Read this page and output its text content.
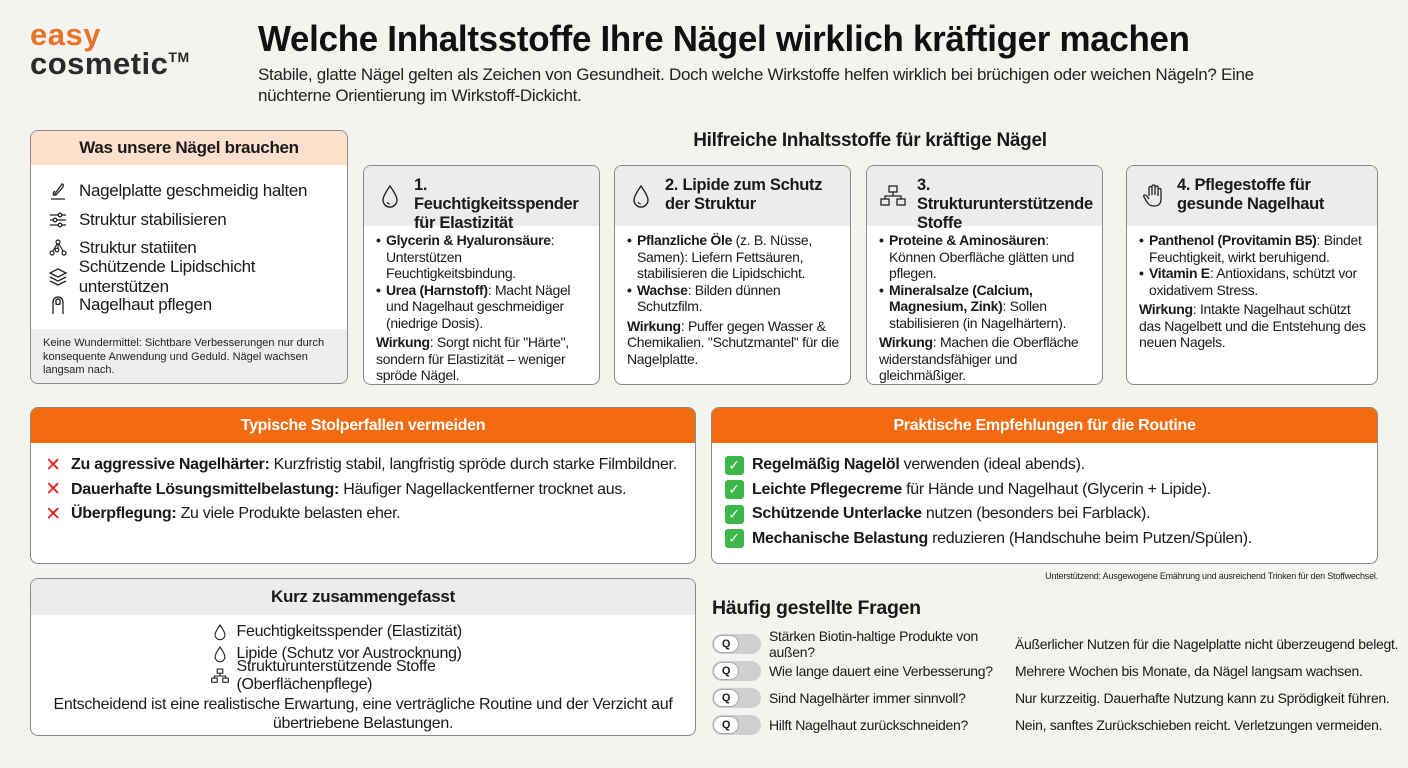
easy
cosmetic™ Welche Inhaltsstoffe Ihre Nägel wirklich kräftiger machen

Stabile, glatte Nägel gelten als Zeichen von Gesundheit. Doch welche Wirkstoffe helfen wirklich bei brüchigen oder weichen Nägeln? Eine nüchterne Orientierung im Wirkstoff-Dickicht.

Was unsere Nägel brauchen
Nagelplatte geschmeidig halten
Struktur stabilisieren
Struktur statiiten
Schützende Lipidschicht unterstützen
Nagelhaut pflegen
Keine Wundermittel: Sichtbare Verbesserungen nur durch konsequente Anwendung und Geduld. Nägel wachsen langsam nach.
Hilfreiche Inhaltsstoffe für kräftige Nägel
1. Feuchtigkeitsspender für Elastizität
• Glycerin & Hyaluronsäure: Unterstützen Feuchtigkeitsbindung.
• Urea (Harnstoff): Macht Nägel und Nagelhaut geschmeidiger (niedrige Dosis).
Wirkung: Sorgt nicht für "Härte", sondern für Elastizität – weniger spröde Nägel.
2. Lipide zum Schutz der Struktur
• Pflanzliche Öle (z. B. Nüsse, Samen): Liefern Fettsäuren, stabilisieren die Lipidschicht.
• Wachse: Bilden dünnen Schutzfilm.
Wirkung: Puffer gegen Wasser & Chemikalien. "Schutzmantel" für die Nagelplatte.
3. Strukturunterstützende Stoffe
• Proteine & Aminosäuren: Können Oberfläche glätten und pflegen.
• Mineralsalze (Calcium, Magnesium, Zink): Sollen stabilisieren (in Nagelhärtern).
Wirkung: Machen die Oberfläche widerstandsfähiger und gleichmäßiger.
4. Pflegestoffe für gesunde Nagelhaut
• Panthenol (Provitamin B5): Bindet Feuchtigkeit, wirkt beruhigend.
• Vitamin E: Antioxidans, schützt vor oxidativem Stress.
Wirkung: Intakte Nagelhaut schützt das Nagelbett und die Entstehung des neuen Nagels.
Typische Stolperfallen vermeiden
✕ Zu aggressive Nagelhärter: Kurzfristig stabil, langfristig spröde durch starke Filmbildner.
✕ Dauerhafte Lösungsmittelbelastung: Häufiger Nagellackentferner trocknet aus.
✕ Überpflegung: Zu viele Produkte belasten eher.
Praktische Empfehlungen für die Routine
✓ Regelmäßig Nagelöl verwenden (ideal abends).
✓ Leichte Pflegecreme für Hände und Nagelhaut (Glycerin + Lipide).
✓ Schützende Unterlacke nutzen (besonders bei Farblack).
✓ Mechanische Belastung reduzieren (Handschuhe beim Putzen/Spülen).
Unterstützend: Ausgewogene Emährung und ausreichend Trinken für den Stoffwechsel.
Kurz zusammengefasst
Feuchtigkeitsspender (Elastizität)
Lipide (Schutz vor Austrocknung)
Strukturunterstützende Stoffe (Oberflächenpflege)

Entscheidend ist eine realistische Erwartung, eine verträgliche Routine und der Verzicht auf übertriebene Belastungen.

Häufig gestellte Fragen
Q	Stärken Biotin-haltige Produkte von außen?	Äußerlicher Nutzen für die Nagelplatte nicht überzeugend belegt.
Q	Wie lange dauert eine Verbesserung?	Mehrere Wochen bis Monate, da Nägel langsam wachsen.
Q	Sind Nagelhärter immer sinnvoll?	Nur kurzzeitig. Dauerhafte Nutzung kann zu Sprödigkeit führen.
Q	Hilft Nagelhaut zurückschneiden?	Nein, sanftes Zurückschieben reicht. Verletzungen vermeiden.
